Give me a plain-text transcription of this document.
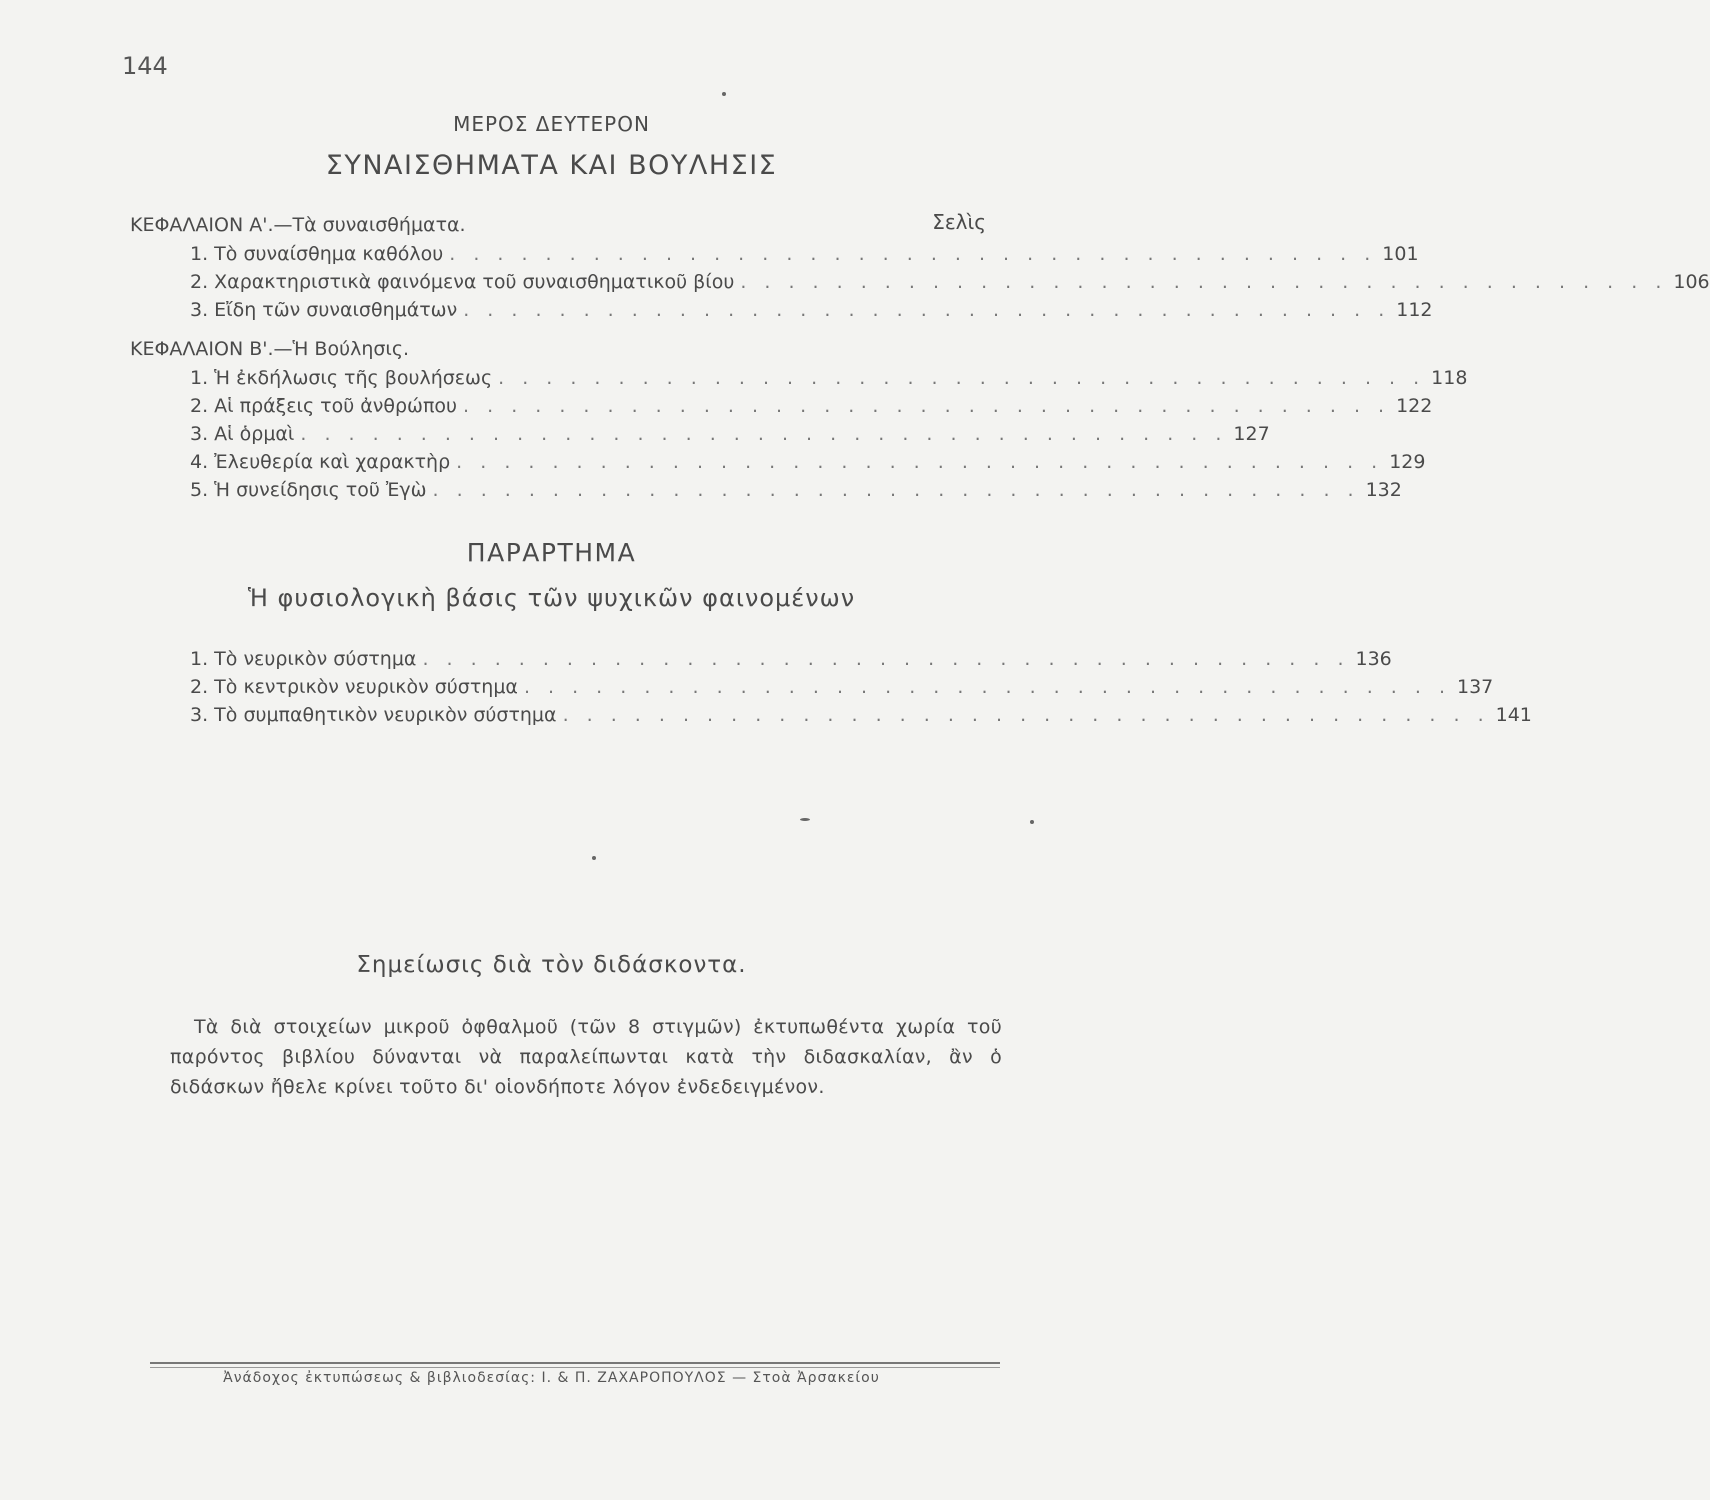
144
ΜΕΡΟΣ ΔΕΥΤΕΡΟΝ
ΣΥΝΑΙΣΘΗΜΑΤΑ ΚΑΙ ΒΟΥΛΗΣΙΣ
Σελὶς
ΚΕΦΑΛΑΙΟΝ Α'.—Τὰ συναισθήματα.
1. Τὸ συναίσθημα καθόλου . . . . . . . . . . . . . . . . . . . . . . . . . . . . . . . . . . . . . . . 101
2. Χαρακτηριστικὰ φαινόμενα τοῦ συναισθηματικοῦ βίου . . . . . . . . . . . . . . . . . . . . . . . . . . . . . . . . . . . . . . . 106
3. Εἴδη τῶν συναισθημάτων . . . . . . . . . . . . . . . . . . . . . . . . . . . . . . . . . . . . . . . 112
ΚΕΦΑΛΑΙΟΝ Β'.—Ἡ Βούλησις.
1. Ἡ ἐκδήλωσις τῆς βουλήσεως . . . . . . . . . . . . . . . . . . . . . . . . . . . . . . . . . . . . . . . 118
2. Αἱ πράξεις τοῦ ἀνθρώπου . . . . . . . . . . . . . . . . . . . . . . . . . . . . . . . . . . . . . . . 122
3. Αἱ ὁρμαὶ . . . . . . . . . . . . . . . . . . . . . . . . . . . . . . . . . . . . . . . 127
4. Ἐλευθερία καὶ χαρακτὴρ . . . . . . . . . . . . . . . . . . . . . . . . . . . . . . . . . . . . . . . 129
5. Ἡ συνείδησις τοῦ Ἐγὼ . . . . . . . . . . . . . . . . . . . . . . . . . . . . . . . . . . . . . . . 132
ΠΑΡΑΡΤΗΜΑ
Ἡ φυσιολογικὴ βάσις τῶν ψυχικῶν φαινομένων
1. Τὸ νευρικὸν σύστημα . . . . . . . . . . . . . . . . . . . . . . . . . . . . . . . . . . . . . . . 136
2. Τὸ κεντρικὸν νευρικὸν σύστημα . . . . . . . . . . . . . . . . . . . . . . . . . . . . . . . . . . . . . . . 137
3. Τὸ συμπαθητικὸν νευρικὸν σύστημα . . . . . . . . . . . . . . . . . . . . . . . . . . . . . . . . . . . . . . . 141
Σημείωσις διὰ τὸν διδάσκοντα.
Τὰ διὰ στοιχείων μικροῦ ὀφθαλμοῦ (τῶν 8 στιγμῶν) ἐκτυπωθέντα χωρία τοῦ παρόντος βιβλίου δύνανται νὰ παραλείπωνται κατὰ τὴν διδασκαλίαν, ἂν ὁ διδάσκων ἤθελε κρίνει τοῦτο δι' οἱονδήποτε λόγον ἐνδεδειγμένον.
Ἀνάδοχος ἐκτυπώσεως & βιβλιοδεσίας: Ι. & Π. ΖΑΧΑΡΟΠΟΥΛΟΣ — Στοὰ Ἀρσακείου
